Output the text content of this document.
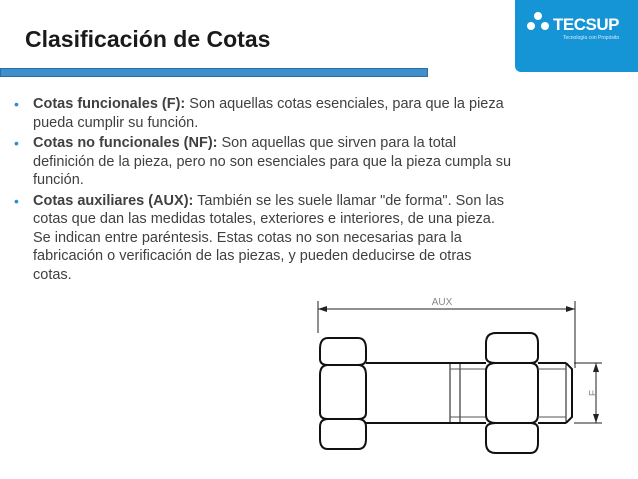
Clasificación de Cotas
TECSUP
Tecnología con Propósito
• Cotas funcionales (F): Son aquellas cotas esenciales, para que la pieza pueda cumplir su función.
• Cotas no funcionales (NF): Son aquellas que sirven para la total definición de la pieza, pero no son esenciales para que la pieza cumpla su función.
• Cotas auxiliares (AUX): También se les suele llamar "de forma". Son las cotas que dan las medidas totales, exteriores e interiores, de una pieza. Se indican entre paréntesis. Estas cotas no son necesarias para la fabricación o verificación de las piezas, y pueden deducirse de otras cotas.
AUX
F
